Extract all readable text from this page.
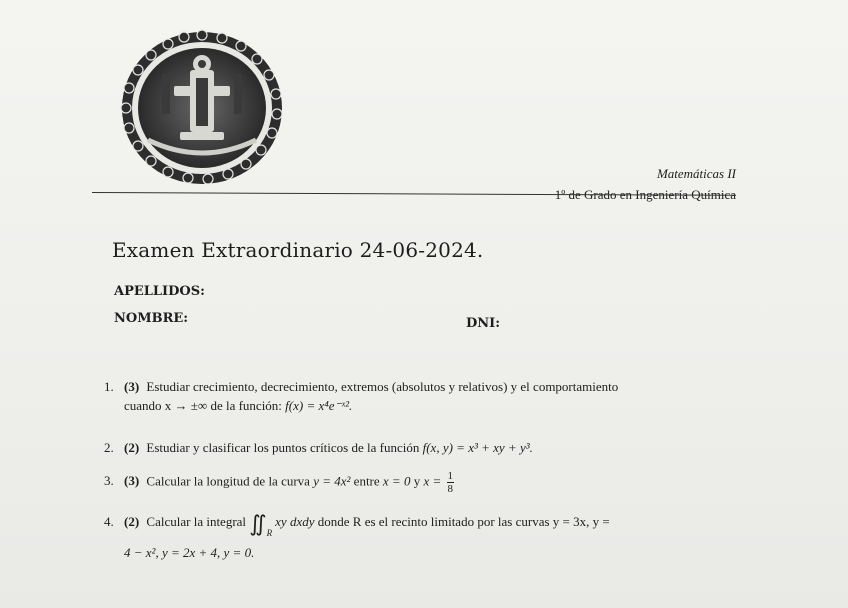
Matemáticas II
1º de Grado en Ingeniería Química
Examen Extraordinario 24-06-2024.
APELLIDOS:
NOMBRE:	DNI:
1. (3) Estudiar crecimiento, decrecimiento, extremos (absolutos y relativos) y el comportamiento
cuando x → ±∞ de la función: f(x) = x⁴e⁻ˣ².
2. (2) Estudiar y clasificar los puntos críticos de la función f(x, y) = x³ + xy + y³.
3. (3) Calcular la longitud de la curva y = 4x² entre x = 0 y $x = \frac{1}{8}$
4. (2) Calcular la integral ∬ $_R$xy dxdy donde R es el recinto limitado por las curvas y = 3x, y =
4 − x², y = 2x + 4, y = 0.
